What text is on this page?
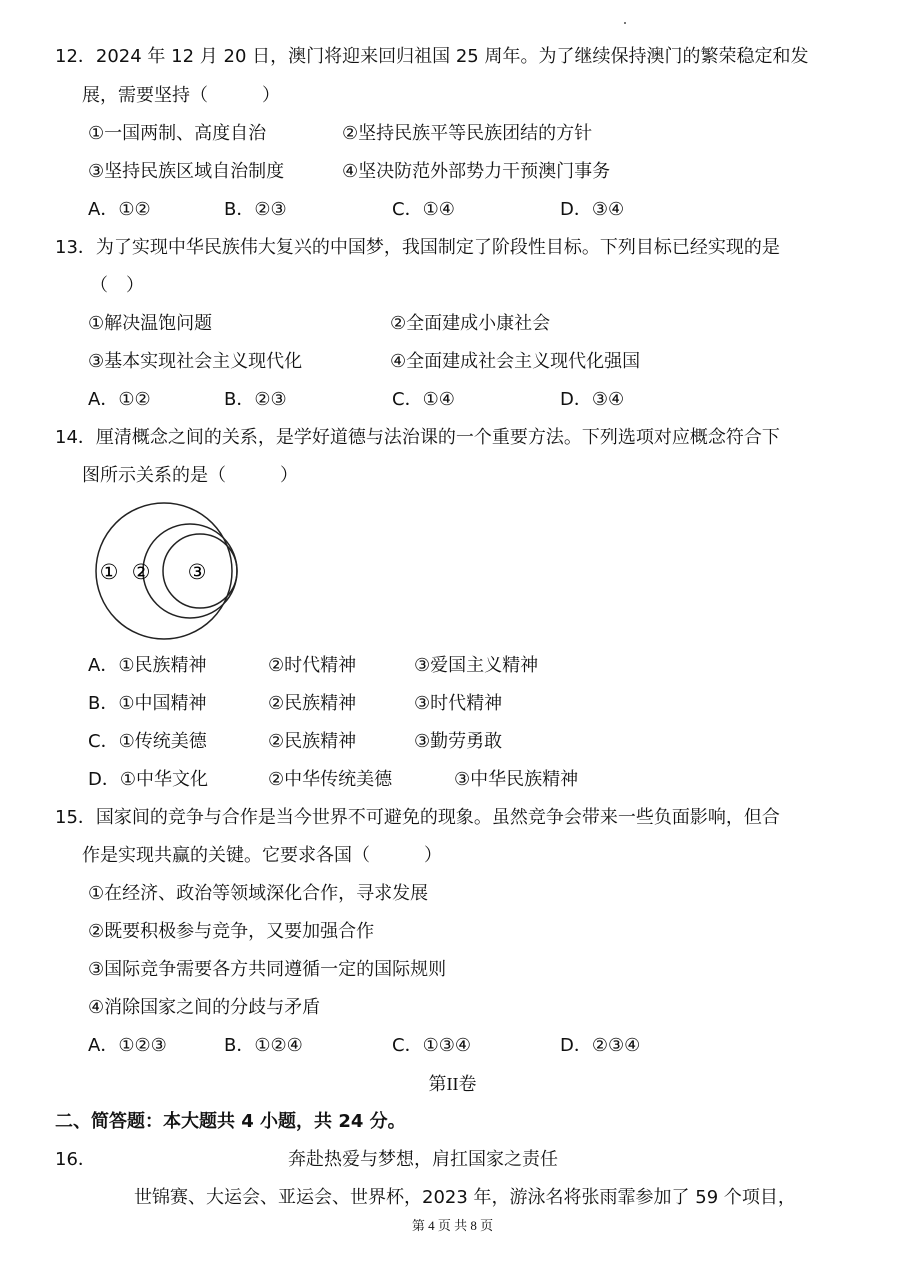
12．2024 年 12 月 20 日，澳门将迎来回归祖国 25 周年。为了继续保持澳门的繁荣稳定和发
展，需要坚持（　　　）
①一国两制、高度自治	②坚持民族平等民族团结的方针
③坚持民族区域自治制度	④坚决防范外部势力干预澳门事务
A．①②	B．②③	C．①④	D．③④
13．为了实现中华民族伟大复兴的中国梦，我国制定了阶段性目标。下列目标已经实现的是
（　）
①解决温饱问题	②全面建成小康社会
③基本实现社会主义现代化	④全面建成社会主义现代化强国
A．①②	B．②③	C．①④	D．③④
14．厘清概念之间的关系，是学好道德与法治课的一个重要方法。下列选项对应概念符合下
图所示关系的是（　　　）
① ② ③
A．①民族精神	②时代精神	③爱国主义精神
B．①中国精神	②民族精神	③时代精神
C．①传统美德	②民族精神	③勤劳勇敢
D．①中华文化	②中华传统美德	③中华民族精神
15．国家间的竞争与合作是当今世界不可避免的现象。虽然竞争会带来一些负面影响，但合
作是实现共赢的关键。它要求各国（　　　）
①在经济、政治等领域深化合作，寻求发展
②既要积极参与竞争，又要加强合作
③国际竞争需要各方共同遵循一定的国际规则
④消除国家之间的分歧与矛盾
A．①②③	B．①②④	C．①③④	D．②③④
第II卷
二、简答题：本大题共 4 小题，共 24 分。
16．	奔赴热爱与梦想，肩扛国家之责任
世锦赛、大运会、亚运会、世界杯，2023 年，游泳名将张雨霏参加了 59 个项目，
第 4 页 共 8 页
